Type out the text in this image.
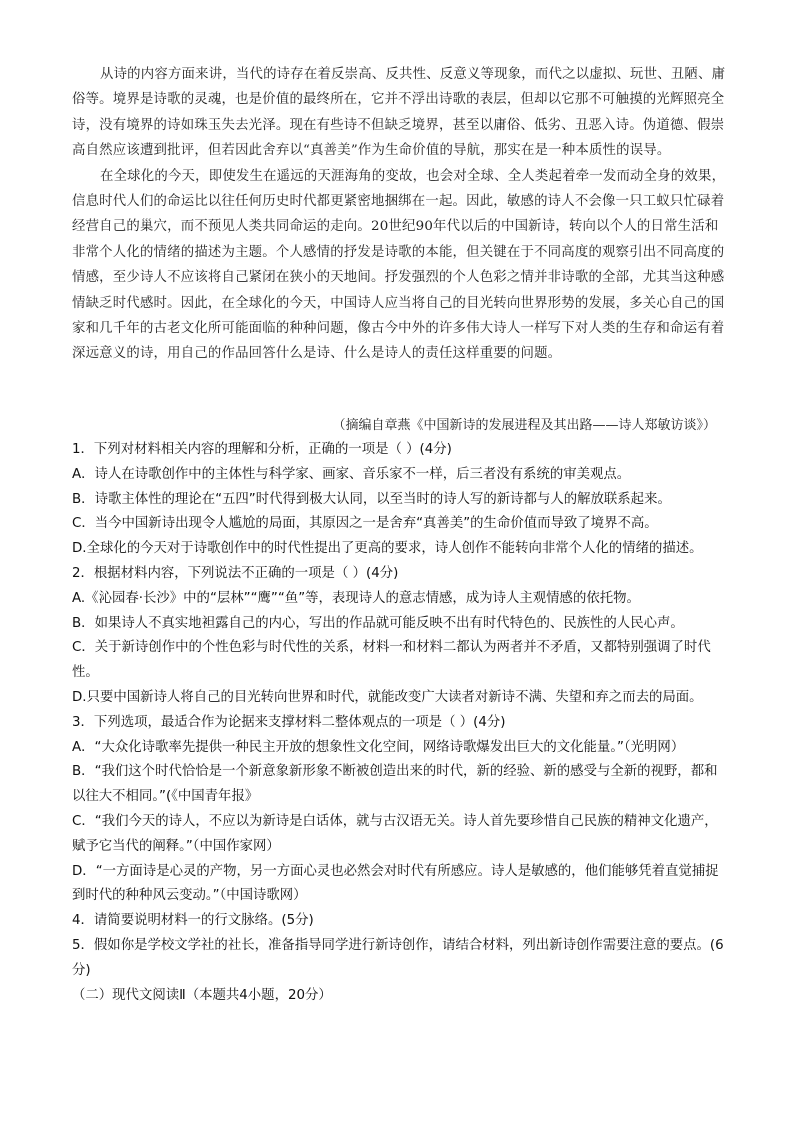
从诗的内容方面来讲，当代的诗存在着反崇高、反共性、反意义等现象，而代之以虚拟、玩世、丑陋、庸俗等。境界是诗歌的灵魂，也是价值的最终所在，它并不浮出诗歌的表层，但却以它那不可触摸的光辉照亮全诗，没有境界的诗如珠玉失去光泽。现在有些诗不但缺乏境界，甚至以庸俗、低劣、丑恶入诗。伪道德、假崇高自然应该遭到批评，但若因此舍弃以“真善美”作为生命价值的导航，那实在是一种本质性的误导。

在全球化的今天，即使发生在遥远的天涯海角的变故，也会对全球、全人类起着牵一发而动全身的效果，信息时代人们的命运比以往任何历史时代都更紧密地捆绑在一起。因此，敏感的诗人不会像一只工蚁只忙碌着经营自己的巢穴，而不预见人类共同命运的走向。20世纪90年代以后的中国新诗，转向以个人的日常生活和非常个人化的情绪的描述为主题。个人感情的抒发是诗歌的本能，但关键在于不同高度的观察引出不同高度的情感，至少诗人不应该将自己紧闭在狭小的天地间。抒发强烈的个人色彩之情并非诗歌的全部，尤其当这种感情缺乏时代感时。因此，在全球化的今天，中国诗人应当将自己的目光转向世界形势的发展，多关心自己的国家和几千年的古老文化所可能面临的种种问题，像古今中外的许多伟大诗人一样写下对人类的生存和命运有着深远意义的诗，用自己的作品回答什么是诗、什么是诗人的责任这样重要的问题。

（摘编自章燕《中国新诗的发展进程及其出路——诗人郑敏访谈》）
1．下列对材料相关内容的理解和分析，正确的一项是（ ）(4分)
A．诗人在诗歌创作中的主体性与科学家、画家、音乐家不一样，后三者没有系统的审美观点。
B．诗歌主体性的理论在“五四”时代得到极大认同，以至当时的诗人写的新诗都与人的解放联系起来。
C．当今中国新诗出现令人尴尬的局面，其原因之一是舍弃“真善美”的生命价值而导致了境界不高。
D.全球化的今天对于诗歌创作中的时代性提出了更高的要求，诗人创作不能转向非常个人化的情绪的描述。
2．根据材料内容，下列说法不正确的一项是（ ）(4分)
A.《沁园春·长沙》中的“层林”“鹰”“鱼”等，表现诗人的意志情感，成为诗人主观情感的依托物。
B．如果诗人不真实地袒露自己的内心，写出的作品就可能反映不出有时代特色的、民族性的人民心声。
C．关于新诗创作中的个性色彩与时代性的关系，材料一和材料二都认为两者并不矛盾，又都特别强调了时代性。
D.只要中国新诗人将自己的目光转向世界和时代，就能改变广大读者对新诗不满、失望和弃之而去的局面。
3．下列选项，最适合作为论据来支撑材料二整体观点的一项是（ ）(4分)
A．“大众化诗歌率先提供一种民主开放的想象性文化空间，网络诗歌爆发出巨大的文化能量。”（光明网）
B．“我们这个时代恰恰是一个新意象新形象不断被创造出来的时代，新的经验、新的感受与全新的视野，都和以往大不相同。”(《中国青年报》
C．“我们今天的诗人，不应以为新诗是白话体，就与古汉语无关。诗人首先要珍惜自己民族的精神文化遗产，赋予它当代的阐释。”（中国作家网）
D．“一方面诗是心灵的产物，另一方面心灵也必然会对时代有所感应。诗人是敏感的，他们能够凭着直觉捕捉到时代的种种风云变动。”（中国诗歌网）
4．请简要说明材料一的行文脉络。(5分)
5．假如你是学校文学社的社长，准备指导同学进行新诗创作，请结合材料，列出新诗创作需要注意的要点。(6分)
（二）现代文阅读Ⅱ（本题共4小题，20分）
